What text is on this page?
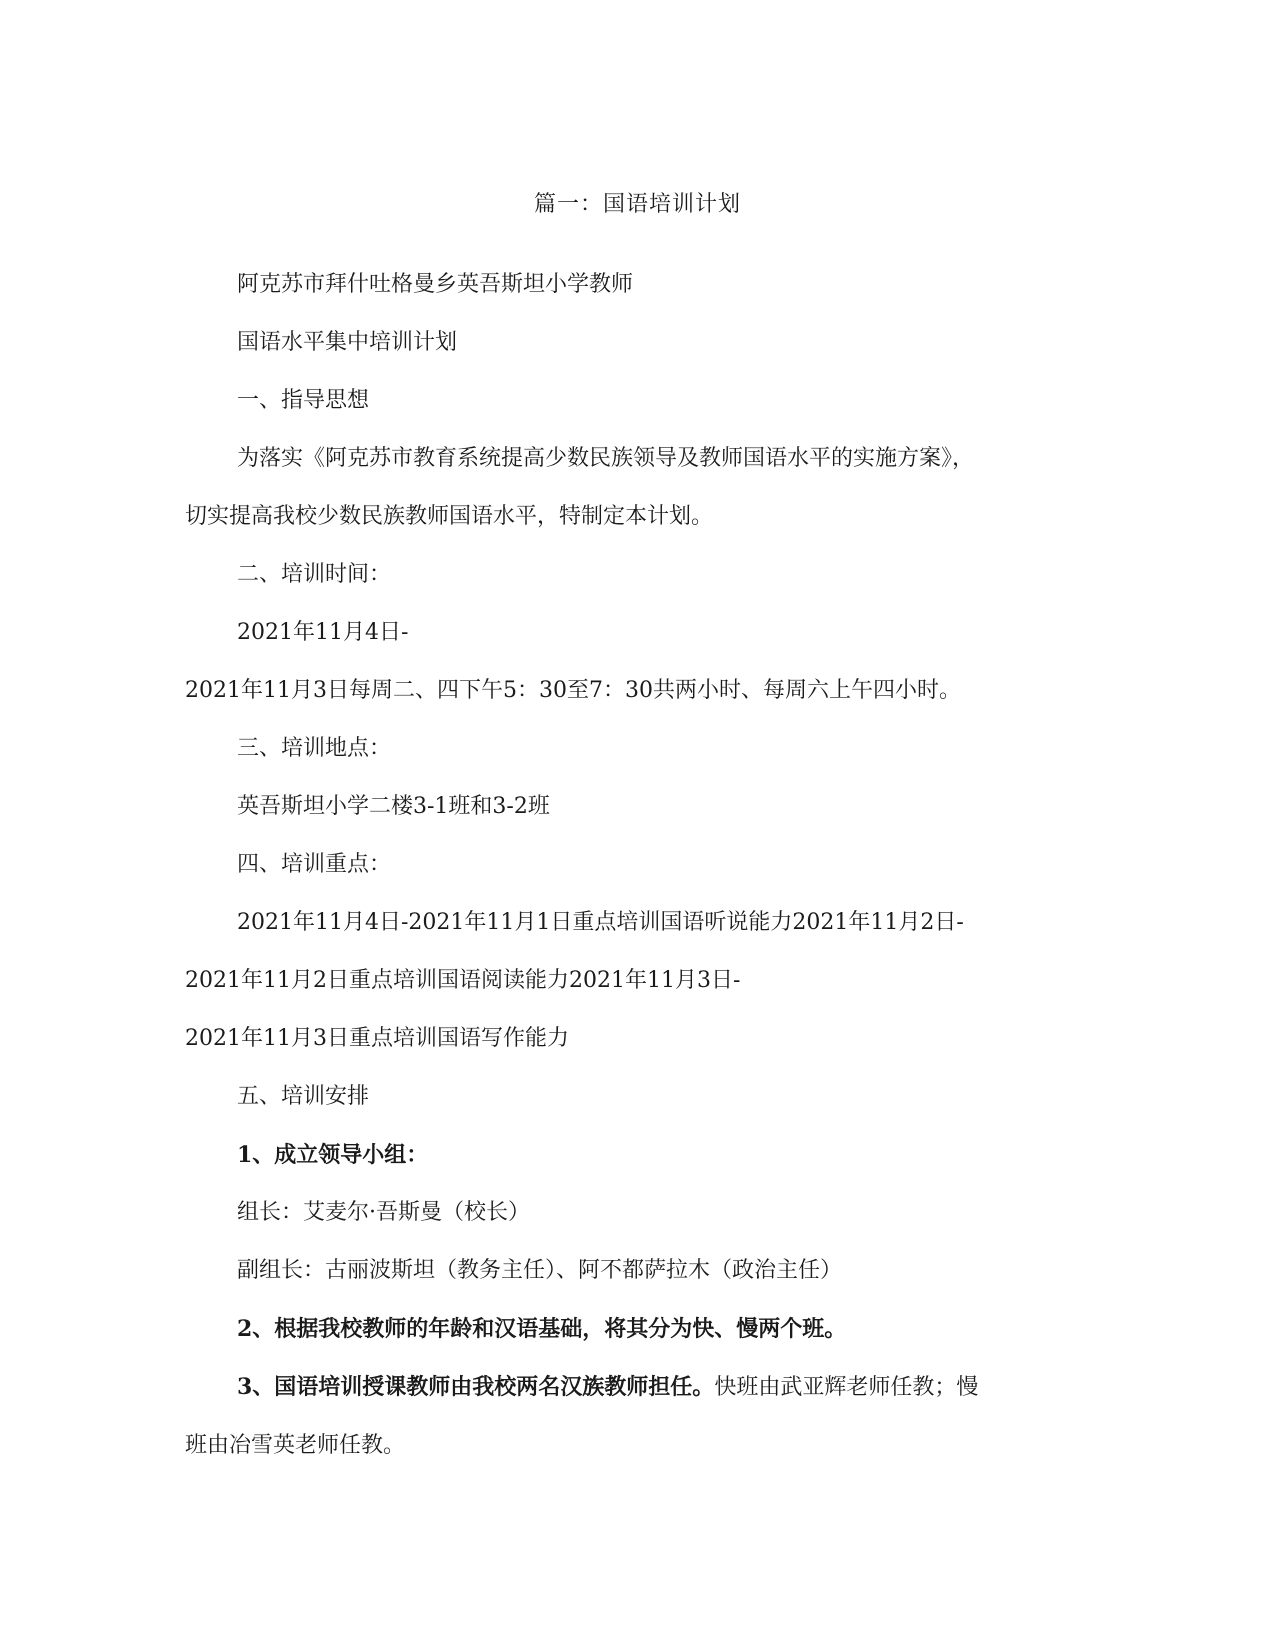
篇一：国语培训计划

阿克苏市拜什吐格曼乡英吾斯坦小学教师

国语水平集中培训计划

一、指导思想

为落实《阿克苏市教育系统提高少数民族领导及教师国语水平的实施方案》，

切实提高我校少数民族教师国语水平，特制定本计划。

二、培训时间：

2021年11月4日-

2021年11月3日每周二、四下午5：30至7：30共两小时、每周六上午四小时。

三、培训地点：

英吾斯坦小学二楼3-1班和3-2班

四、培训重点：

2021年11月4日-2021年11月1日重点培训国语听说能力2021年11月2日-

2021年11月2日重点培训国语阅读能力2021年11月3日-

2021年11月3日重点培训国语写作能力

五、培训安排

1、成立领导小组：

组长：艾麦尔·吾斯曼（校长）

副组长：古丽波斯坦（教务主任）、阿不都萨拉木（政治主任）

2、根据我校教师的年龄和汉语基础，将其分为快、慢两个班。

3、国语培训授课教师由我校两名汉族教师担任。快班由武亚辉老师任教；慢

班由冶雪英老师任教。
